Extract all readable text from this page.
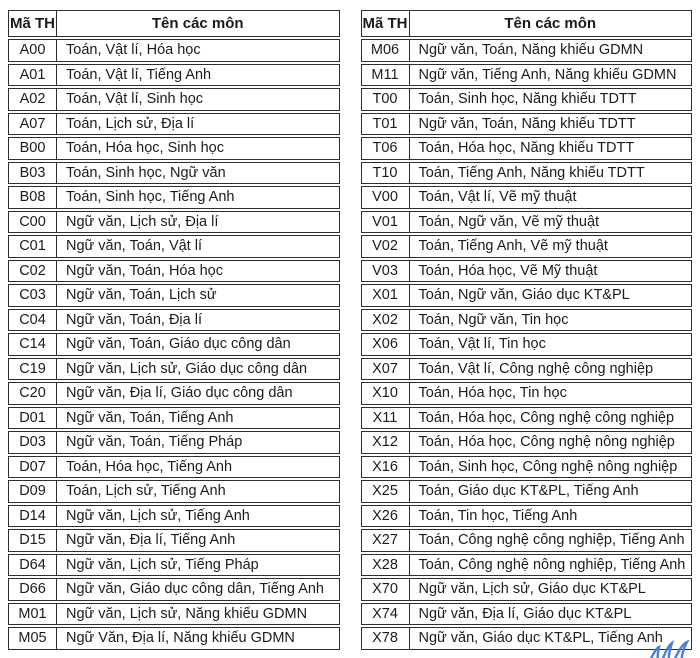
Mã TH	Tên các môn
A00	Toán, Vật lí, Hóa học
A01	Toán, Vật lí, Tiếng Anh
A02	Toán, Vật lí, Sinh học
A07	Toán, Lịch sử, Địa lí
B00	Toán, Hóa học, Sinh học
B03	Toán, Sinh học, Ngữ văn
B08	Toán, Sinh học, Tiếng Anh
C00	Ngữ văn, Lịch sử, Địa lí
C01	Ngữ văn, Toán, Vật lí
C02	Ngữ văn, Toán, Hóa học
C03	Ngữ văn, Toán, Lịch sử
C04	Ngữ văn, Toán, Địa lí
C14	Ngữ văn, Toán, Giáo dục công dân
C19	Ngữ văn, Lịch sử, Giáo dục công dân
C20	Ngữ văn, Địa lí, Giáo dục công dân
D01	Ngữ văn, Toán, Tiếng Anh
D03	Ngữ văn, Toán, Tiếng Pháp
D07	Toán, Hóa học, Tiếng Anh
D09	Toán, Lịch sử, Tiếng Anh
D14	Ngữ văn, Lịch sử, Tiếng Anh
D15	Ngữ văn, Địa lí, Tiếng Anh
D64	Ngữ văn, Lịch sử, Tiếng Pháp
D66	Ngữ văn, Giáo dục công dân, Tiếng Anh
M01	Ngữ văn, Lịch sử, Năng khiếu GDMN
M05	Ngữ Văn, Địa lí, Năng khiếu GDMN
Mã TH	Tên các môn
M06	Ngữ văn, Toán, Năng khiếu GDMN
M11	Ngữ văn, Tiếng Anh, Năng khiếu GDMN
T00	Toán, Sinh học, Năng khiếu TDTT
T01	Ngữ văn, Toán, Năng khiếu TDTT
T06	Toán, Hóa học, Năng khiếu TDTT
T10	Toán, Tiếng Anh, Năng khiếu TDTT
V00	Toán, Vật lí, Vẽ mỹ thuật
V01	Toán, Ngữ văn, Vẽ mỹ thuật
V02	Toán, Tiếng Anh, Vẽ mỹ thuật
V03	Toán, Hóa học, Vẽ Mỹ thuật
X01	Toán, Ngữ văn, Giáo dục KT&PL
X02	Toán, Ngữ văn, Tin học
X06	Toán, Vật lí, Tin học
X07	Toán, Vật lí, Công nghệ công nghiệp
X10	Toán, Hóa học, Tin học
X11	Toán, Hóa học, Công nghệ công nghiệp
X12	Toán, Hóa học, Công nghệ nông nghiệp
X16	Toán, Sinh học, Công nghệ nông nghiệp
X25	Toán, Giáo dục KT&PL, Tiếng Anh
X26	Toán, Tin học, Tiếng Anh
X27	Toán, Công nghệ công nghiệp, Tiếng Anh
X28	Toán, Công nghệ nông nghiệp, Tiếng Anh
X70	Ngữ văn, Lịch sử, Giáo dục KT&PL
X74	Ngữ văn, Địa lí, Giáo dục KT&PL
X78	Ngữ văn, Giáo dục KT&PL, Tiếng Anh
